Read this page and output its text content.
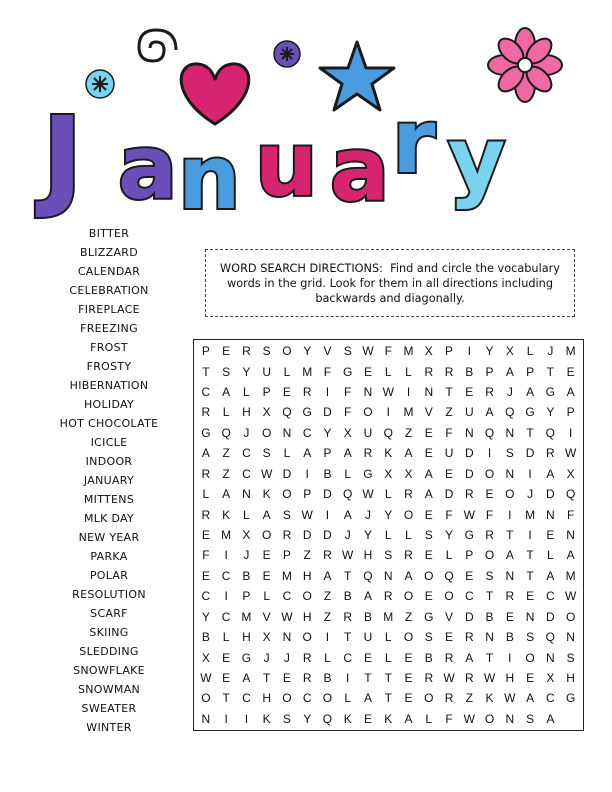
J a n u a r y
BITTER
BLIZZARD
CALENDAR
CELEBRATION
FIREPLACE
FREEZING
FROST
FROSTY
HIBERNATION
HOLIDAY
HOT CHOCOLATE
ICICLE
INDOOR
JANUARY
MITTENS
MLK DAY
NEW YEAR
PARKA
POLAR
RESOLUTION
SCARF
SKIING
SLEDDING
SNOWFLAKE
SNOWMAN
SWEATER
WINTER
WORD SEARCH DIRECTIONS: Find and circle the vocabulary words in the grid. Look for them in all directions including backwards and diagonally.
P E R S O Y V S W F M X P	I	Y X	L	J M
T	S Y U	L M F G E	L	L	R R B P A P	T	E
C A	L	P E R	I	F N W	I	N T	E R	J	A G A
R	L	H X Q G D F O	I	M V	Z U A Q G Y P
G Q	J	O N C Y X U Q Z	E	F N Q N T Q	I
A	Z C S	L	A P A R K A E U D	I	S D R W
R Z C W D	I	B	L G X X A E D O N	I	A X
L	A N K O P D Q W L	R A D R E O	J	D Q
R K	L	A S W	I	A	J	Y O E	F W F	I	M N F
E M X O R D D	J	Y	L	L	S Y G R T	I	E N
F	I	J	E P	Z R W H S R E	L	P O A	T	L	A
E C B E M H A	T Q N A O Q E S N T	A M
C	I	P	L	C O Z	B A R O E O C T R E C W
Y C M V W H Z R B M Z G V D B E N D O
B	L	H X N O	I	T U	L O S E R N B S Q N
X E G	J	J	R	L	C E	L	E B R A	T	I	O N S
W E A	T	E R B	I	T	T	E R W R W H E X H
O T C H O C O L	A	T	E O R Z	K W A C G
N	I	I	K S Y Q K E K A	L	F W O N S A
